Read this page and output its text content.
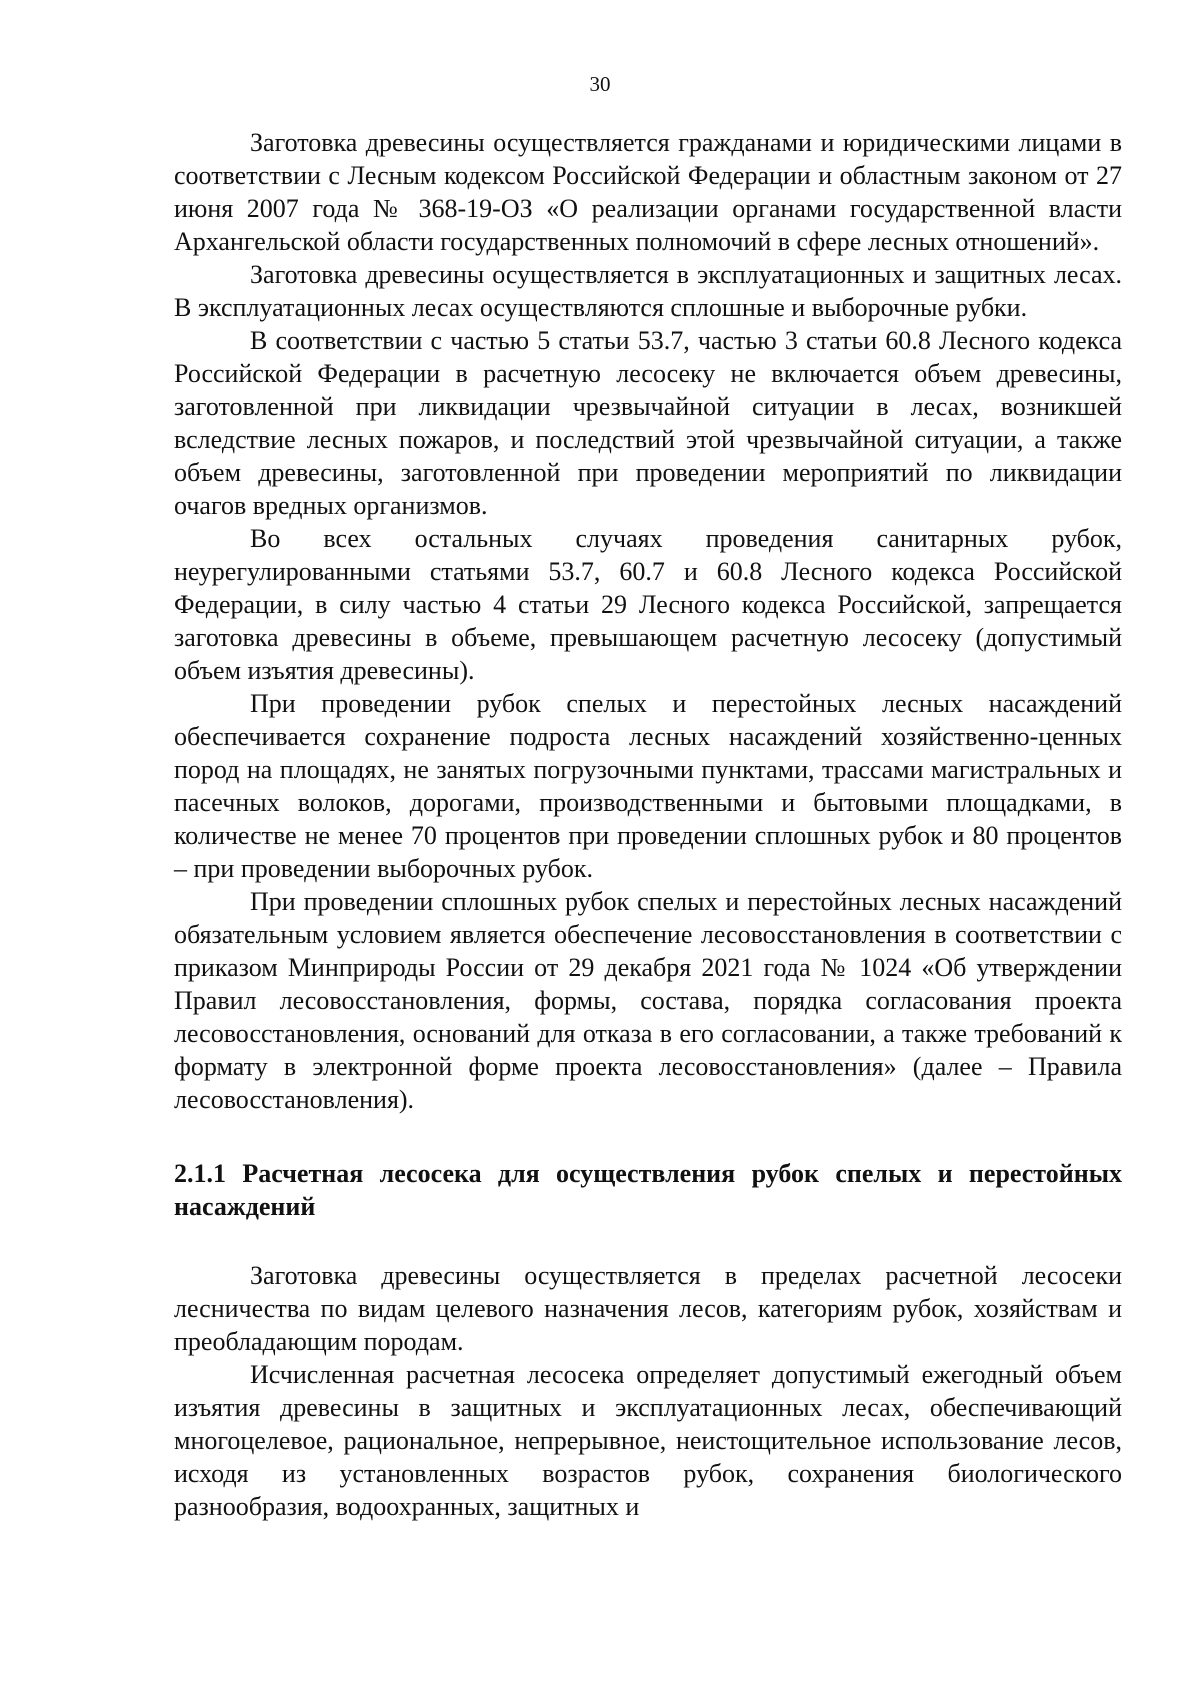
30

Заготовка древесины осуществляется гражданами и юридическими лицами в соответствии с Лесным кодексом Российской Федерации и областным законом от 27 июня 2007 года № 368-19-ОЗ «О реализации органами государственной власти Архангельской области государственных полномочий в сфере лесных отношений».

Заготовка древесины осуществляется в эксплуатационных и защитных лесах. В эксплуатационных лесах осуществляются сплошные и выборочные рубки.

В соответствии с частью 5 статьи 53.7, частью 3 статьи 60.8 Лесного кодекса Российской Федерации в расчетную лесосеку не включается объем древесины, заготовленной при ликвидации чрезвычайной ситуации в лесах, возникшей вследствие лесных пожаров, и последствий этой чрезвычайной ситуации, а также объем древесины, заготовленной при проведении мероприятий по ликвидации очагов вредных организмов.

Во всех остальных случаях проведения санитарных рубок, неурегулированными статьями 53.7, 60.7 и 60.8 Лесного кодекса Российской Федерации, в силу частью 4 статьи 29 Лесного кодекса Российской, запрещается заготовка древесины в объеме, превышающем расчетную лесосеку (допустимый объем изъятия древесины).

При проведении рубок спелых и перестойных лесных насаждений обеспечивается сохранение подроста лесных насаждений хозяйственно-ценных пород на площадях, не занятых погрузочными пунктами, трассами магистральных и пасечных волоков, дорогами, производственными и бытовыми площадками, в количестве не менее 70 процентов при проведении сплошных рубок и 80 процентов – при проведении выборочных рубок.

При проведении сплошных рубок спелых и перестойных лесных насаждений обязательным условием является обеспечение лесовосстановления в соответствии с приказом Минприроды России от 29 декабря 2021 года № 1024 «Об утверждении Правил лесовосстановления, формы, состава, порядка согласования проекта лесовосстановления, оснований для отказа в его согласовании, а также требований к формату в электронной форме проекта лесовосстановления» (далее – Правила лесовосстановления).

2.1.1 Расчетная лесосека для осуществления рубок спелых и перестойных насаждений

Заготовка древесины осуществляется в пределах расчетной лесосеки лесничества по видам целевого назначения лесов, категориям рубок, хозяйствам и преобладающим породам.

Исчисленная расчетная лесосека определяет допустимый ежегодный объем изъятия древесины в защитных и эксплуатационных лесах, обеспечивающий многоцелевое, рациональное, непрерывное, неистощительное использование лесов, исходя из установленных возрастов рубок, сохранения биологического разнообразия, водоохранных, защитных и
